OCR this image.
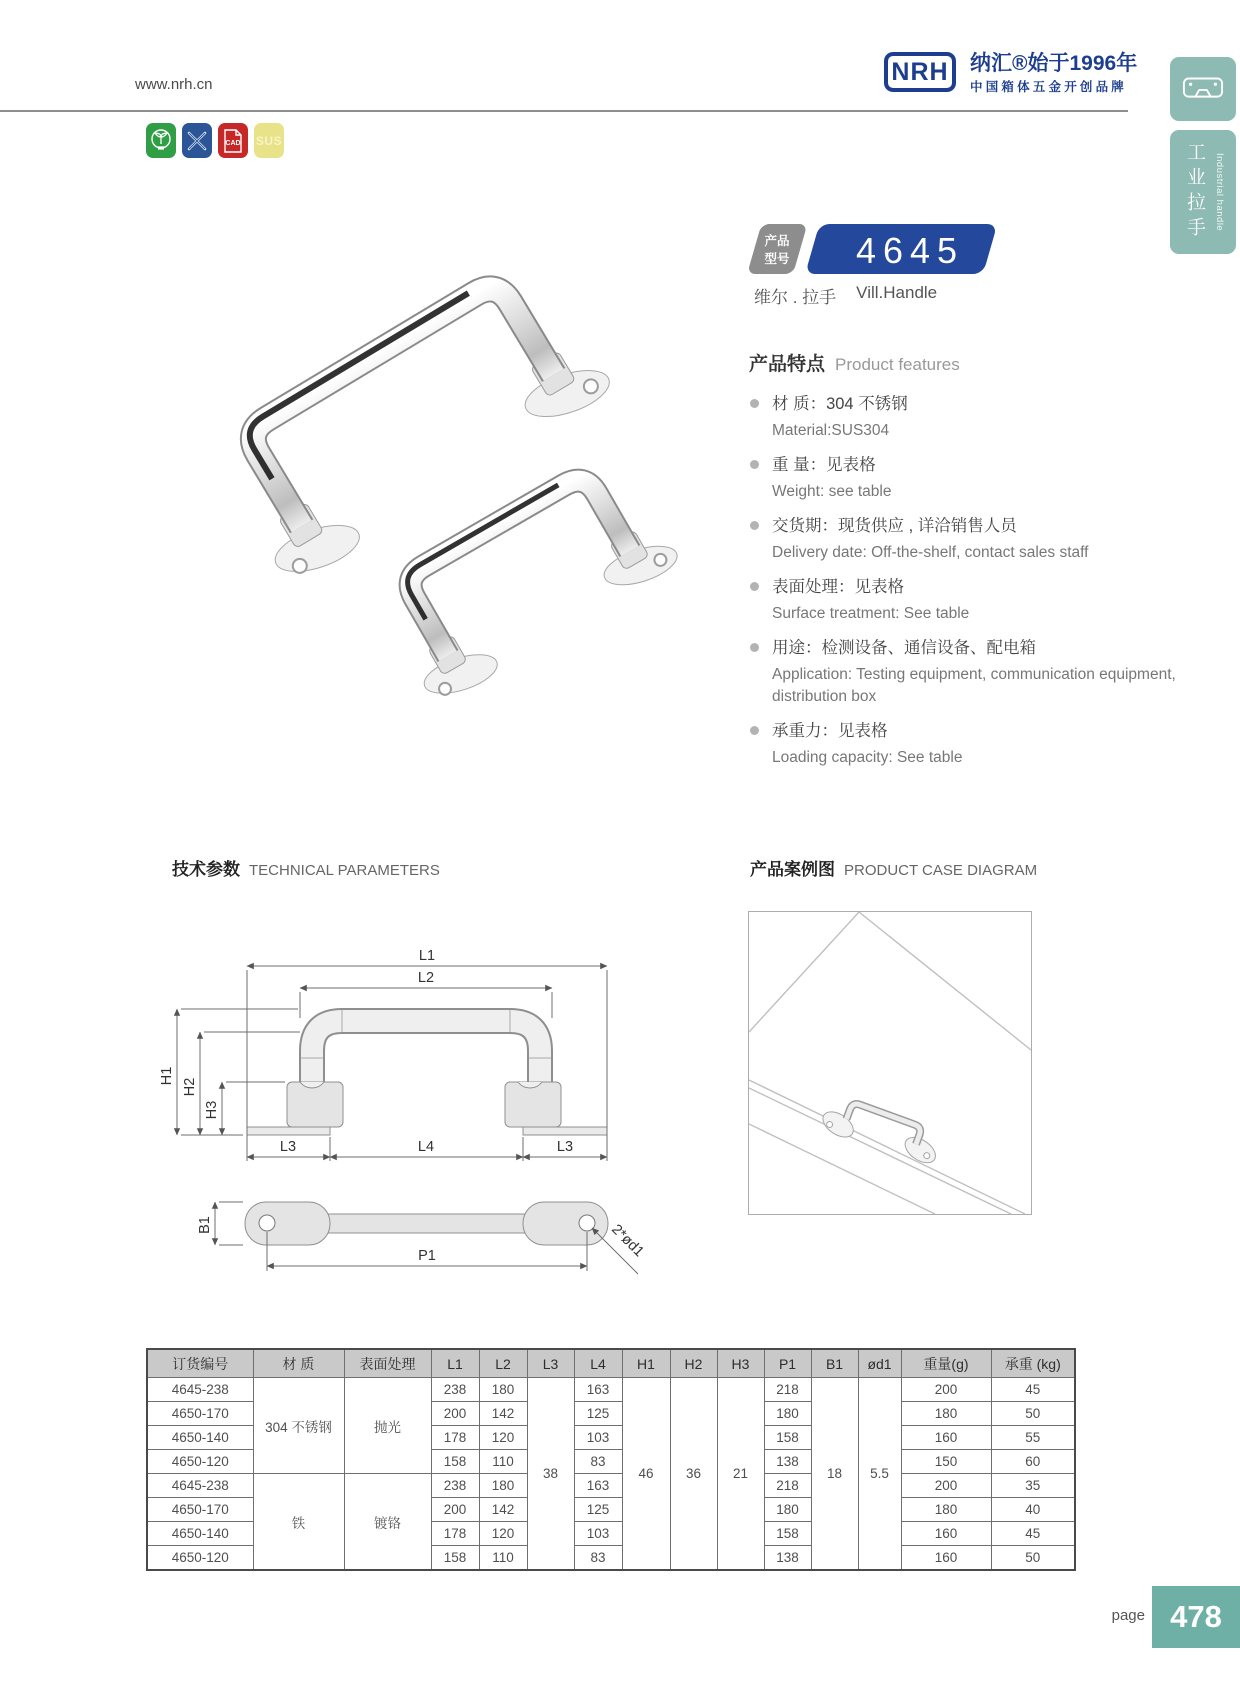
www.nrh.cn	NRH	纳汇®始于1996年
中国箱体五金开创品牌
CAD SUS
工业拉手 Industrial handle
产品
型号 4645
维尔 . 拉手 Vill.Handle
产品特点 Product features
材 质：304 不锈钢
Material:SUS304
重 量：见表格
Weight: see table
交货期：现货供应 , 详洽销售人员
Delivery date: Off-the-shelf, contact sales staff
表面处理：见表格
Surface treatment: See table
用途：检测设备、通信设备、配电箱
Application: Testing equipment, communication equipment, distribution box
承重力：见表格
Loading capacity: See table
技术参数 TECHNICAL PARAMETERS	产品案例图 PRODUCT CASE DIAGRAM
L1
L2
H1
H2
H3
L3	L4	L3
B1
P1	2*ød1
订货编号	材 质	表面处理	L1	L2	L3	L4	H1	H2	H3	P1	B1	ød1	重量(g)	承重 (kg)
4645-238	304 不锈钢	抛光	238	180	38	163	46	36	21	218	18	5.5	200	45
4650-170			200	142		125				180			180	50
4650-140			178	120		103				158			160	55
4650-120			158	110		83				138			150	60
4645-238	铁	镀铬	238	180		163				218			200	35
4650-170			200	142		125				180			180	40
4650-140			178	120		103				158			160	45
4650-120			158	110		83				138			160	50
page 478
